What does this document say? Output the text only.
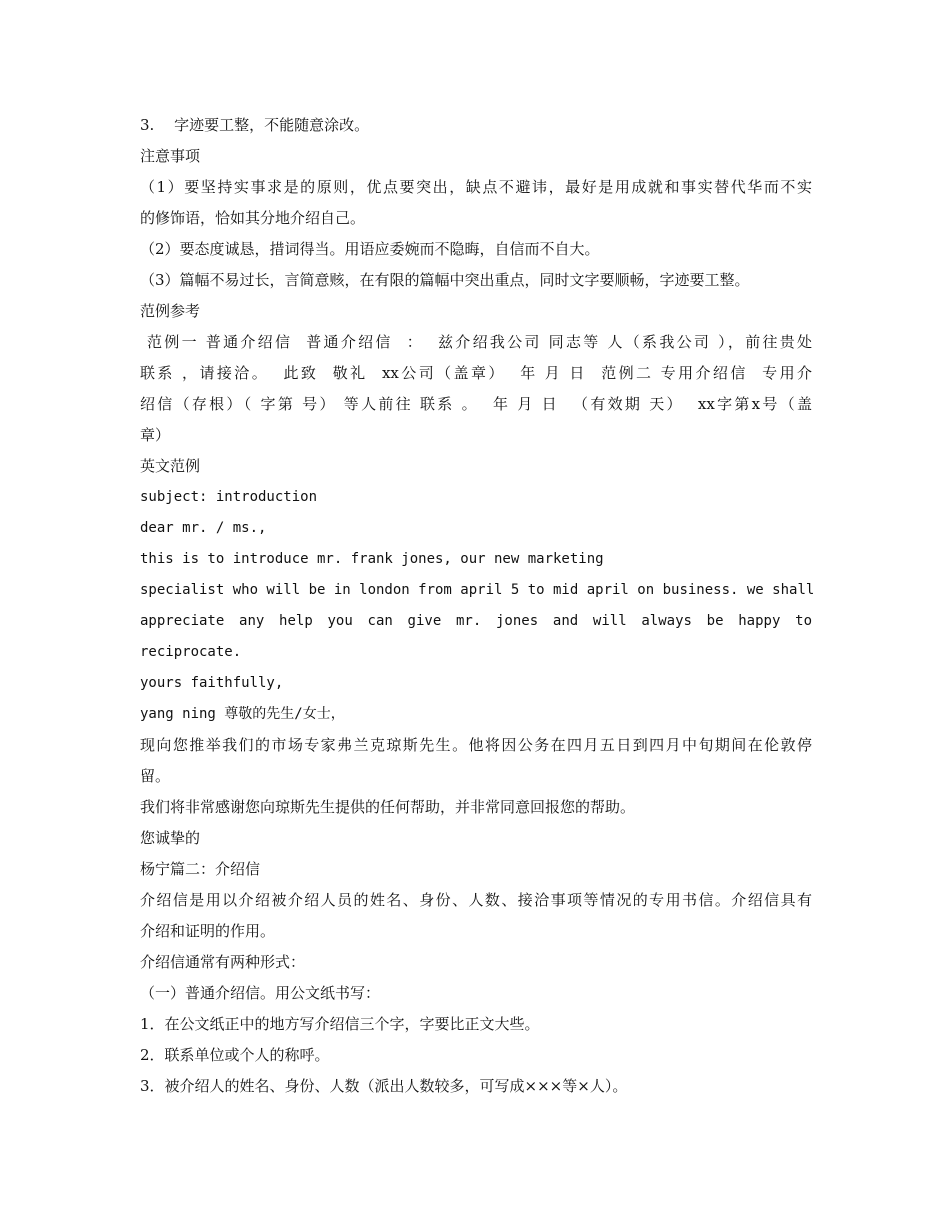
3.　 字迹要工整，不能随意涂改。
注意事项
（1）要坚持实事求是的原则，优点要突出，缺点不避讳，最好是用成就和事实替代华而不实
的修饰语，恰如其分地介绍自己。
（2）要态度诚恳，措词得当。用语应委婉而不隐晦，自信而不自大。
（3）篇幅不易过长，言简意赅，在有限的篇幅中突出重点，同时文字要顺畅，字迹要工整。
范例参考
范例一 普通介绍信  普通介绍信  ：  兹介绍我公司 同志等 人（系我公司 ），前往贵处
联系 ，请接洽。  此致  敬礼  xx公司（盖章）  年 月 日  范例二 专用介绍信  专用介
绍信（存根）（ 字第 号） 等人前往 联系 。  年 月 日  （有效期 天）  xx字第x号（盖
章）
英文范例
subject: introduction
dear mr. / ms.,
this is to introduce mr. frank jones, our new marketing
specialist who will be in london from april 5 to mid april on business. we shall
appreciate any help you can give mr. jones and will always be happy to
reciprocate.
yours faithfully,
yang ning 尊敬的先生/女士，
现向您推举我们的市场专家弗兰克琼斯先生。他将因公务在四月五日到四月中旬期间在伦敦停
留。
我们将非常感谢您向琼斯先生提供的任何帮助，并非常同意回报您的帮助。
您诚挚的
杨宁篇二：介绍信
介绍信是用以介绍被介绍人员的姓名、身份、人数、接洽事项等情况的专用书信。介绍信具有
介绍和证明的作用。
介绍信通常有两种形式：
（一）普通介绍信。用公文纸书写：
1．在公文纸正中的地方写介绍信三个字，字要比正文大些。
2．联系单位或个人的称呼。
3．被介绍人的姓名、身份、人数（派出人数较多，可写成×××等×人）。
